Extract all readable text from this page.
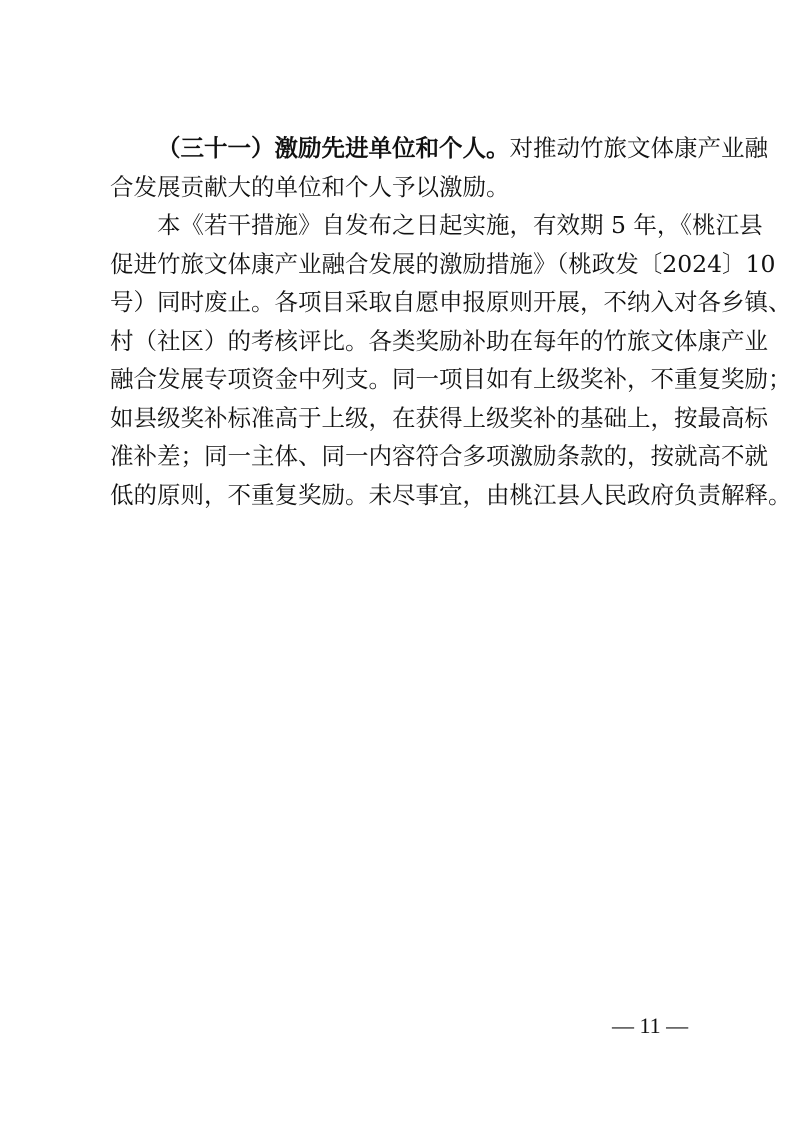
（三十一）激励先进单位和个人。对推动竹旅文体康产业融
合发展贡献大的单位和个人予以激励。
本《若干措施》自发布之日起实施，有效期 5 年，《桃江县
促进竹旅文体康产业融合发展的激励措施》（桃政发〔2024〕10
号）同时废止。各项目采取自愿申报原则开展，不纳入对各乡镇、
村（社区）的考核评比。各类奖励补助在每年的竹旅文体康产业
融合发展专项资金中列支。同一项目如有上级奖补，不重复奖励；
如县级奖补标准高于上级，在获得上级奖补的基础上，按最高标
准补差；同一主体、同一内容符合多项激励条款的，按就高不就
低的原则，不重复奖励。未尽事宜，由桃江县人民政府负责解释。
— 11 —
